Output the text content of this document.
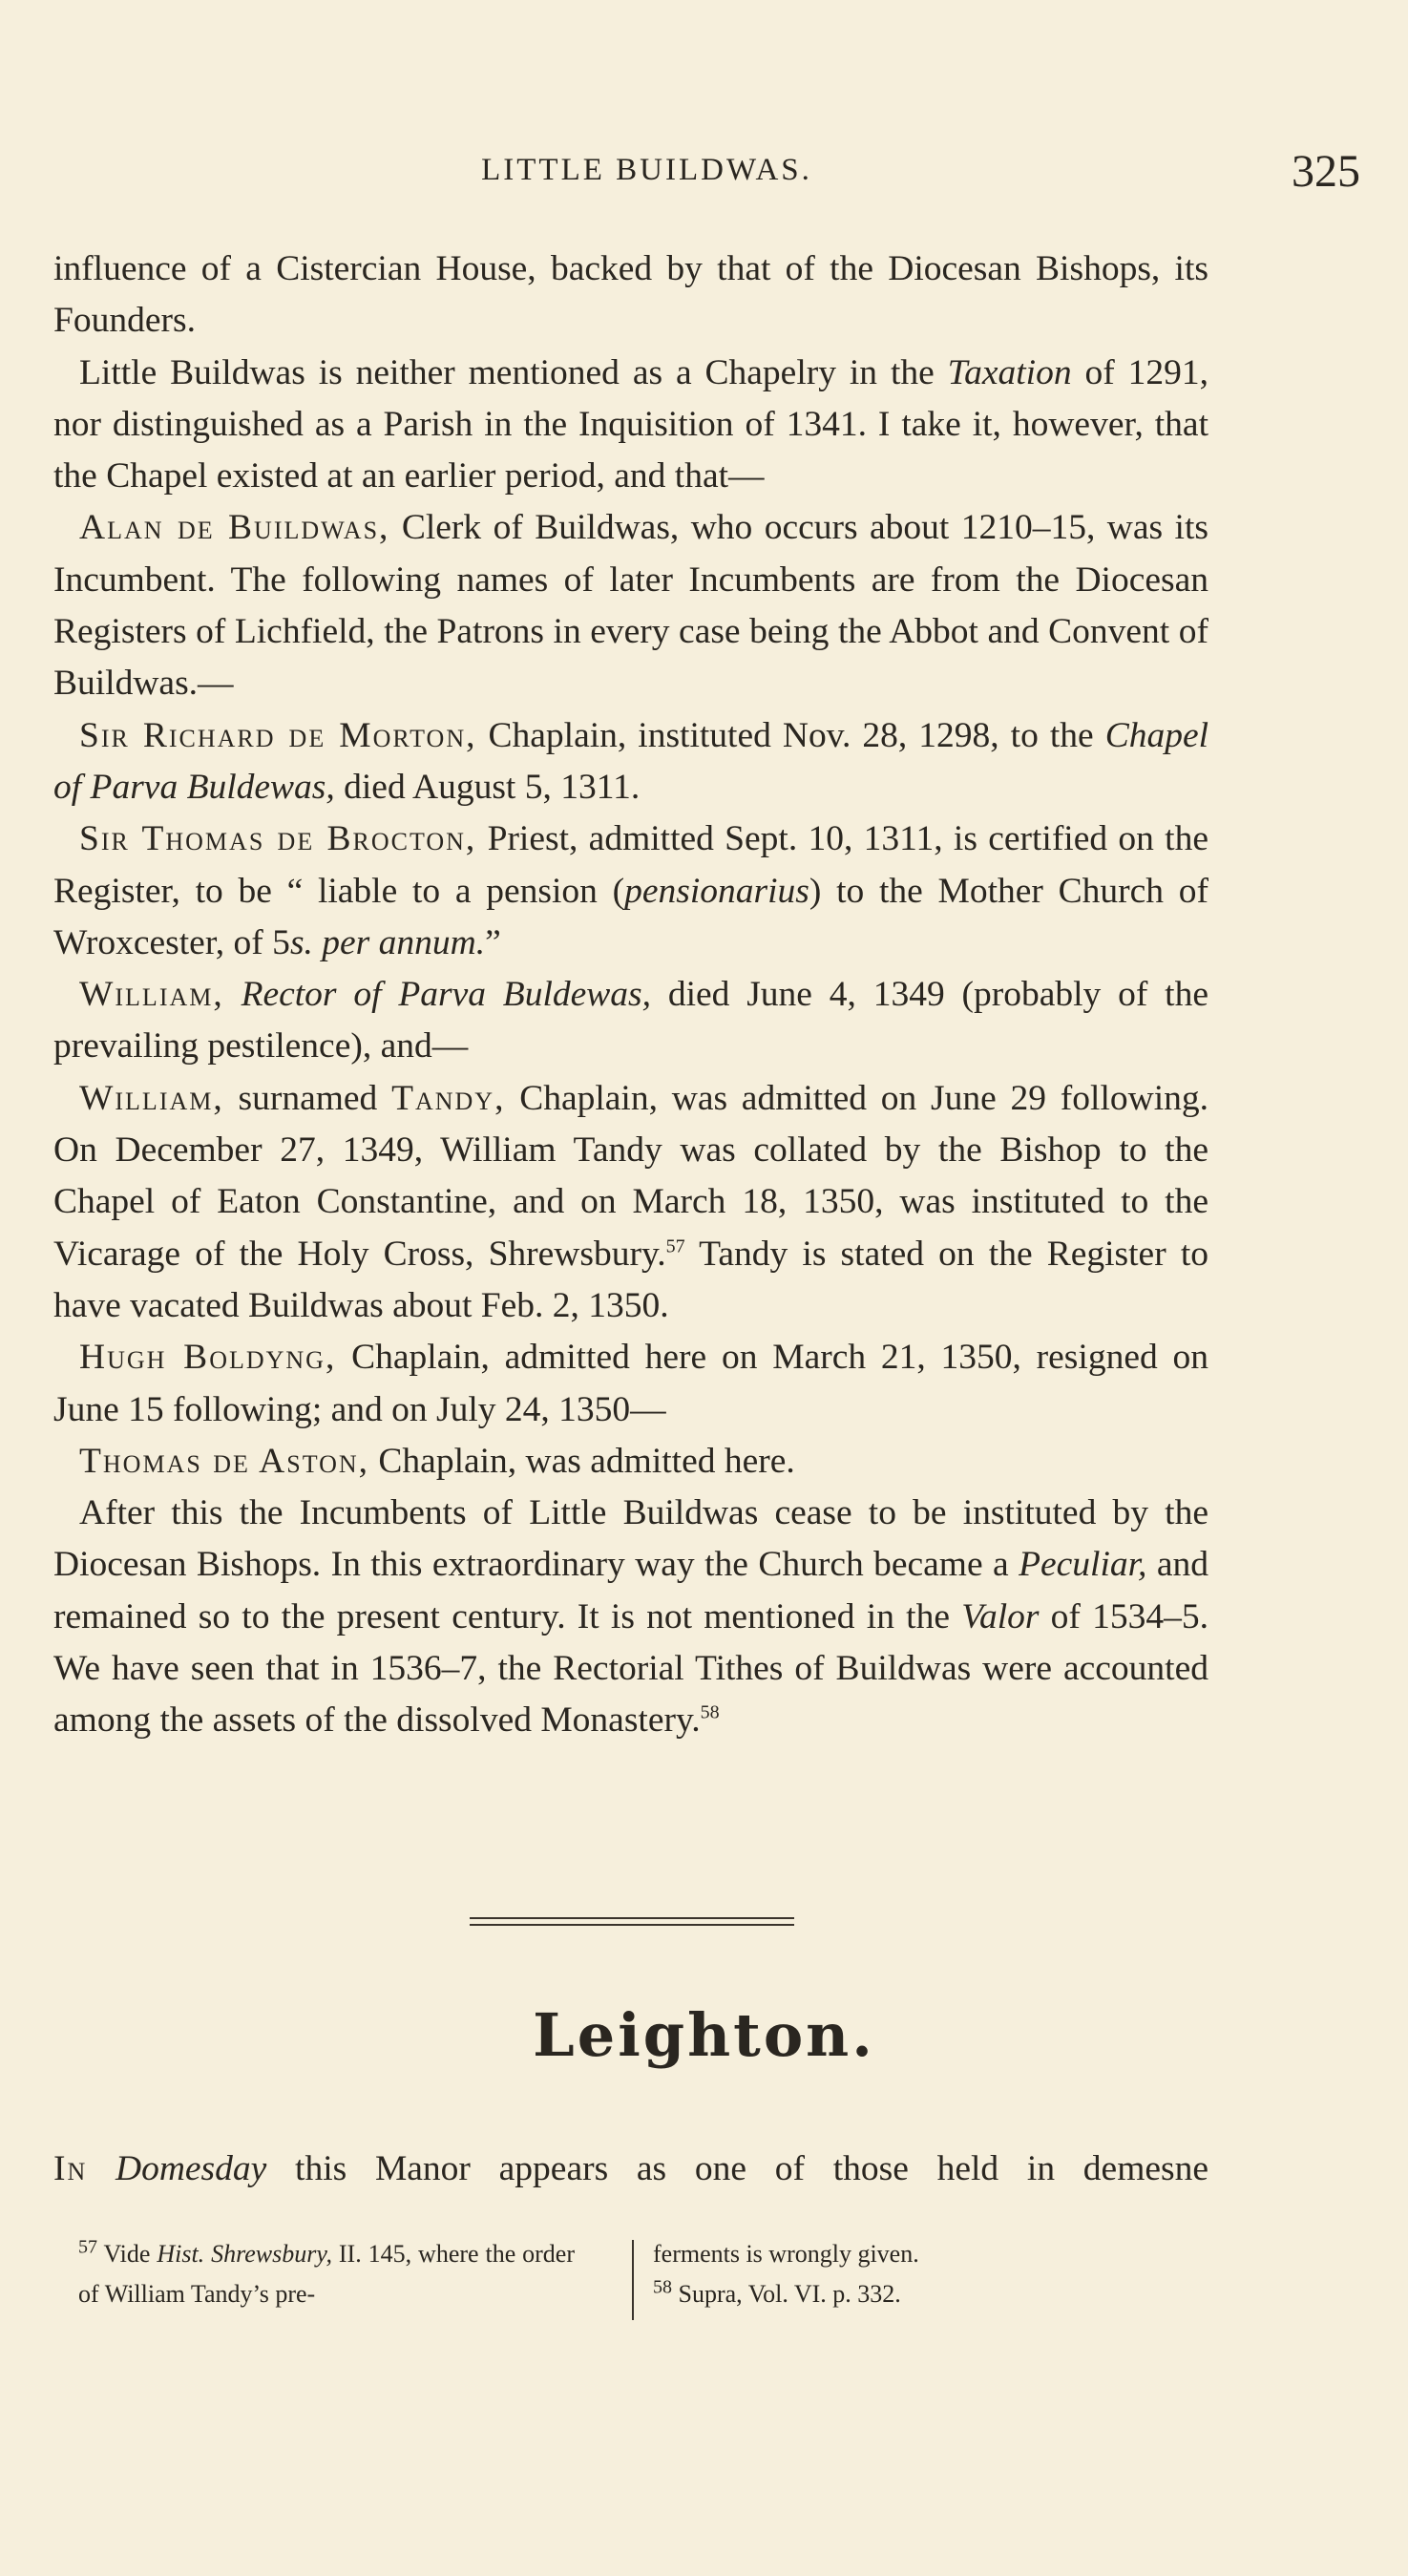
LITTLE BUILDWAS.	325

influence of a Cistercian House, backed by that of the Diocesan Bishops, its Founders.

Little Buildwas is neither mentioned as a Chapelry in the Taxation of 1291, nor distinguished as a Parish in the Inquisition of 1341. I take it, however, that the Chapel existed at an earlier period, and that—

Alan de Buildwas, Clerk of Buildwas, who occurs about 1210–15, was its Incumbent. The following names of later Incumbents are from the Diocesan Registers of Lichfield, the Patrons in every case being the Abbot and Convent of Buildwas.—

Sir Richard de Morton, Chaplain, instituted Nov. 28, 1298, to the Chapel of Parva Buldewas, died August 5, 1311.

Sir Thomas de Brocton, Priest, admitted Sept. 10, 1311, is certified on the Register, to be “ liable to a pension (pensionarius) to the Mother Church of Wroxcester, of 5s. per annum.”

William, Rector of Parva Buldewas, died June 4, 1349 (probably of the prevailing pestilence), and—

William, surnamed Tandy, Chaplain, was admitted on June 29 following. On December 27, 1349, William Tandy was collated by the Bishop to the Chapel of Eaton Constantine, and on March 18, 1350, was instituted to the Vicarage of the Holy Cross, Shrewsbury.$^{57}$ Tandy is stated on the Register to have vacated Buildwas about Feb. 2, 1350.

Hugh Boldyng, Chaplain, admitted here on March 21, 1350, resigned on June 15 following; and on July 24, 1350—

Thomas de Aston, Chaplain, was admitted here.

After this the Incumbents of Little Buildwas cease to be instituted by the Diocesan Bishops. In this extraordinary way the Church became a Peculiar, and remained so to the present century. It is not mentioned in the Valor of 1534–5. We have seen that in 1536–7, the Rectorial Tithes of Buildwas were accounted among the assets of the dissolved Monastery.$^{58}$

Leighton.
In Domesday this Manor appears as one of those held in demesne

$^{57}$ Vide Hist. Shrewsbury, II. 145, where the order of William Tandy’s pre-

ferments is wrongly given.

$^{58}$ Supra, Vol. VI. p. 332.
